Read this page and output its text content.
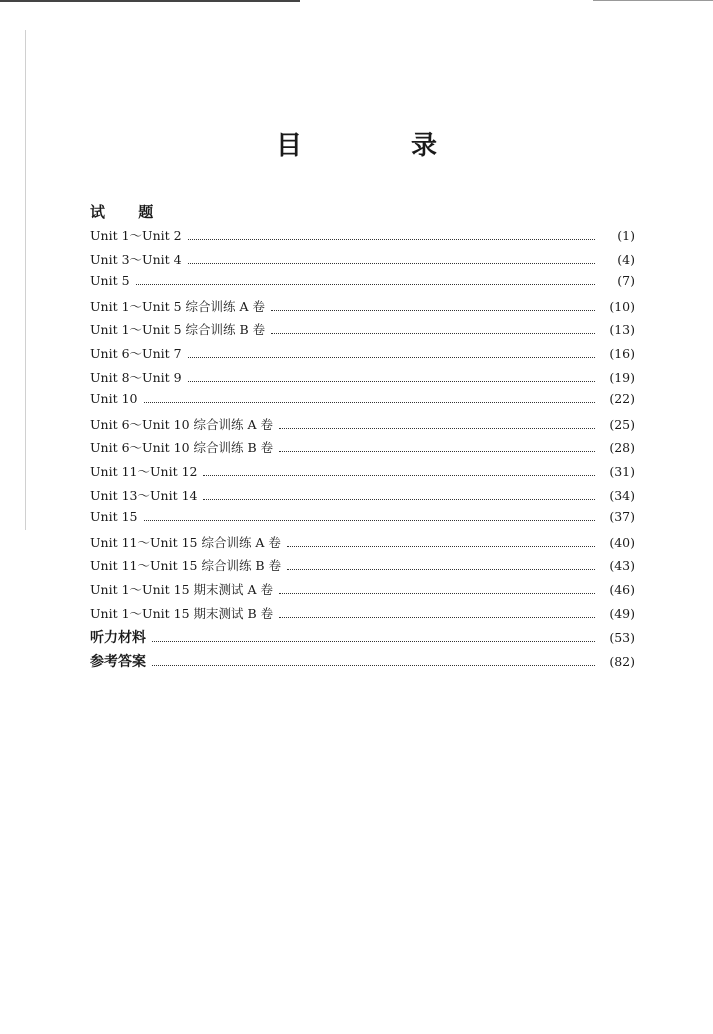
目 录
试 题
Unit 1～Unit 2	(1)
Unit 3～Unit 4	(4)
Unit 5	(7)
Unit 1～Unit 5 综合训练 A 卷	(10)
Unit 1～Unit 5 综合训练 B 卷	(13)
Unit 6～Unit 7	(16)
Unit 8～Unit 9	(19)
Unit 10	(22)
Unit 6～Unit 10 综合训练 A 卷	(25)
Unit 6～Unit 10 综合训练 B 卷	(28)
Unit 11～Unit 12	(31)
Unit 13～Unit 14	(34)
Unit 15	(37)
Unit 11～Unit 15 综合训练 A 卷	(40)
Unit 11～Unit 15 综合训练 B 卷	(43)
Unit 1～Unit 15 期末测试 A 卷	(46)
Unit 1～Unit 15 期末测试 B 卷	(49)
听力材料	(53)
参考答案	(82)
